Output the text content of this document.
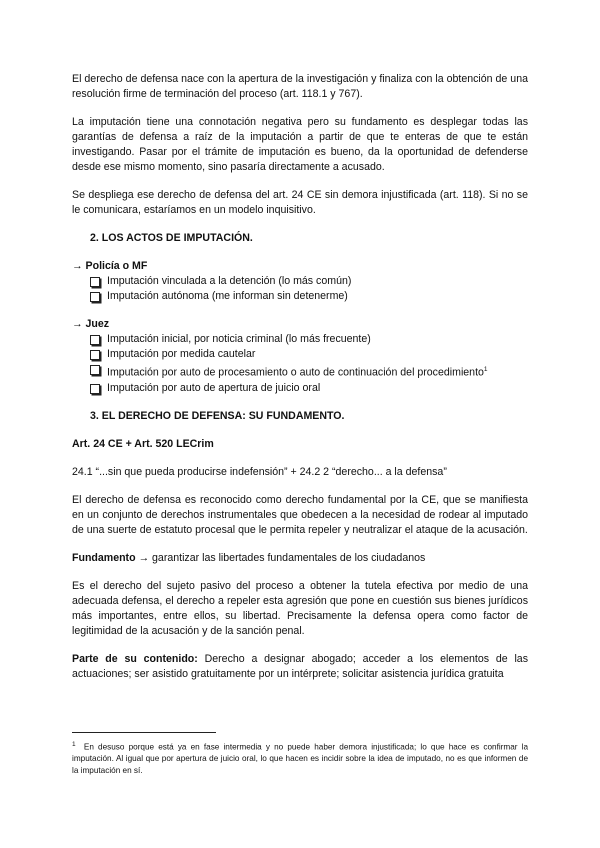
El derecho de defensa nace con la apertura de la investigación y finaliza con la obtención de una resolución firme de terminación del proceso (art. 118.1 y 767).

La imputación tiene una connotación negativa pero su fundamento es desplegar todas las garantías de defensa a raíz de la imputación a partir de que te enteras de que te están investigando. Pasar por el trámite de imputación es bueno, da la oportunidad de defenderse desde ese mismo momento, sino pasaría directamente a acusado.

Se despliega ese derecho de defensa del art. 24 CE sin demora injustificada (art. 118). Si no se le comunicara, estaríamos en un modelo inquisitivo.

2. LOS ACTOS DE IMPUTACIÓN.
→ Policía o MF
Imputación vinculada a la detención (lo más común)
Imputación autónoma (me informan sin detenerme)
→ Juez
Imputación inicial, por noticia criminal (lo más frecuente)
Imputación por medida cautelar
Imputación por auto de procesamiento o auto de continuación del procedimiento$^1$
Imputación por auto de apertura de juicio oral
3. EL DERECHO DE DEFENSA: SU FUNDAMENTO.
Art. 24 CE + Art. 520 LECrim

24.1 “...sin que pueda producirse indefensión” + 24.2 2 “derecho... a la defensa”

El derecho de defensa es reconocido como derecho fundamental por la CE, que se manifiesta en un conjunto de derechos instrumentales que obedecen a la necesidad de rodear al imputado de una suerte de estatuto procesal que le permita repeler y neutralizar el ataque de la acusación.

Fundamento → garantizar las libertades fundamentales de los ciudadanos

Es el derecho del sujeto pasivo del proceso a obtener la tutela efectiva por medio de una adecuada defensa, el derecho a repeler esta agresión que pone en cuestión sus bienes jurídicos más importantes, entre ellos, su libertad. Precisamente la defensa opera como factor de legitimidad de la acusación y de la sanción penal.

Parte de su contenido: Derecho a designar abogado; acceder a los elementos de las actuaciones; ser asistido gratuitamente por un intérprete; solicitar asistencia jurídica gratuita

$^1$ En desuso porque está ya en fase intermedia y no puede haber demora injustificada; lo que hace es confirmar la imputación. Al igual que por apertura de juicio oral, lo que hacen es incidir sobre la idea de imputado, no es que informen de la imputación en sí.
